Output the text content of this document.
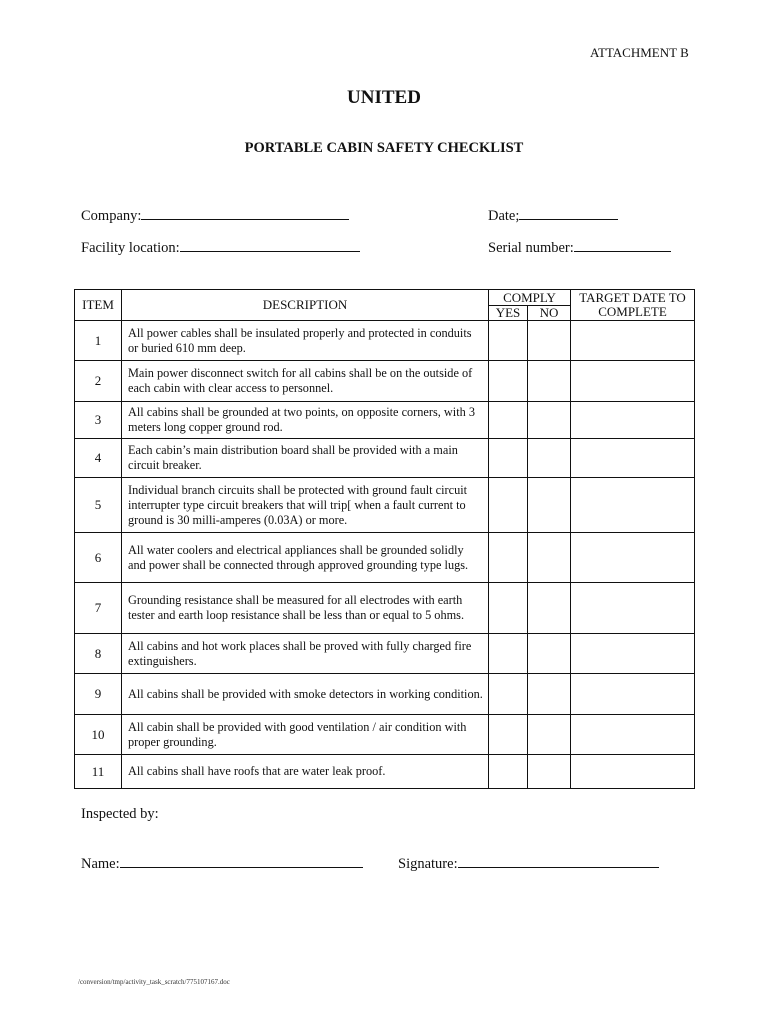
ATTACHMENT B
UNITED
PORTABLE CABIN SAFETY CHECKLIST
Company:	Date;
Facility location:	Serial number:
ITEM	DESCRIPTION	COMPLY		TARGET DATE TO COMPLETE
		YES	NO	
1	All power cables shall be insulated properly and protected in conduits or buried 610 mm deep.			
2	Main power disconnect switch for all cabins shall be on the outside of each cabin with clear access to personnel.			
3	All cabins shall be grounded at two points, on opposite corners, with 3 meters long copper ground rod.			
4	Each cabin’s main distribution board shall be provided with a main circuit breaker.			
5	Individual branch circuits shall be protected with ground fault circuit interrupter type circuit breakers that will trip[ when a fault current to ground is 30 milli-amperes (0.03A) or more.			
6	All water coolers and electrical appliances shall be grounded solidly and power shall be connected through approved grounding type lugs.			
7	Grounding resistance shall be measured for all electrodes with earth tester and earth loop resistance shall be less than or equal to 5 ohms.			
8	All cabins and hot work places shall be proved with fully charged fire extinguishers.			
9	All cabins shall be provided with smoke detectors in working condition.			
10	All cabin shall be provided with good ventilation / air condition with proper grounding.			
11	All cabins shall have roofs that are water leak proof.			
Inspected by:
Name:	Signature:
/conversion/tmp/activity_task_scratch/775107167.doc
